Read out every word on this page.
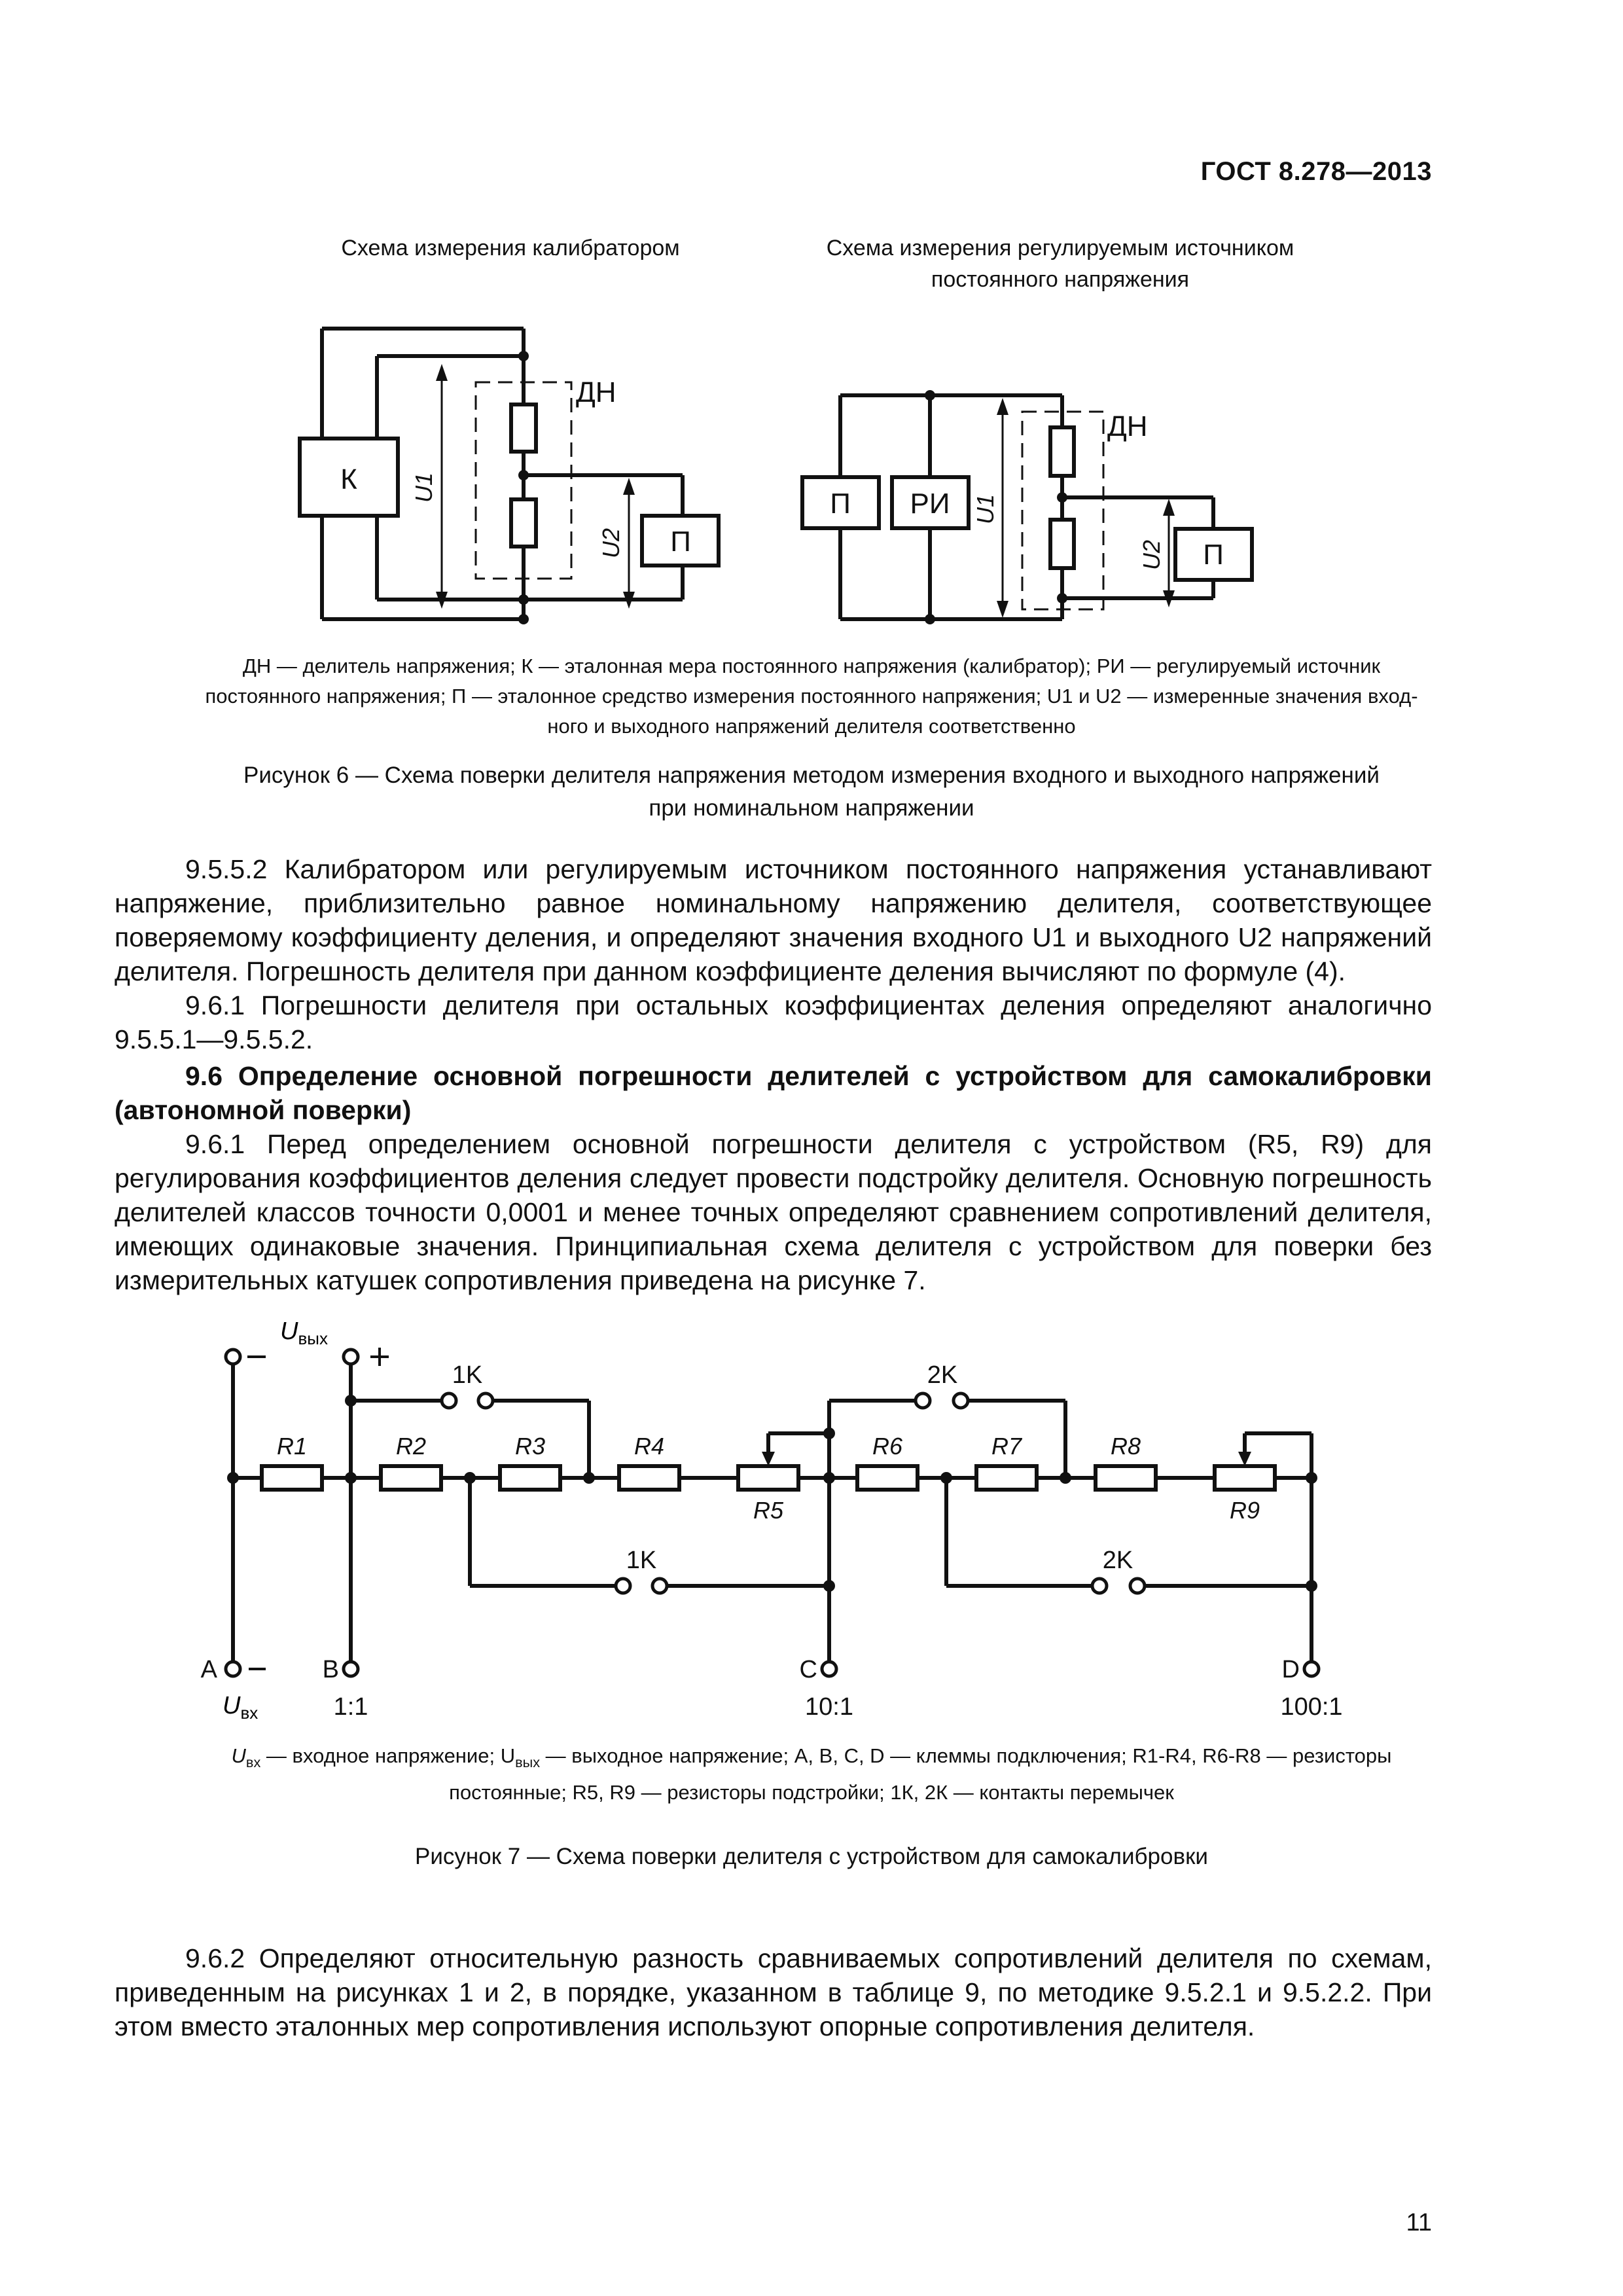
ГОСТ 8.278—2013
Схема измерения калибратором	Схема измерения регулируемым источником
постоянного напряжения
К
П
ДН
U1
U2
П РИ
П
ДН
U1
U2
ДН — делитель напряжения; К — эталонная мера постоянного напряжения (калибратор); РИ — регулируемый источник
постоянного напряжения; П — эталонное средство измерения постоянного напряжения; U1 и U2 — измеренные значения вход-
ного и выходного напряжений делителя соответственно
Рисунок 6 — Схема поверки делителя напряжения методом измерения входного и выходного напряжений
при номинальном напряжении

9.5.5.2 Калибратором или регулируемым источником постоянного напряжения устанавливают напряжение, приблизительно равное номинальному напряжению делителя, соответствующее поверяемому коэффициенту деления, и определяют значения входного U1 и выходного U2 напряжений делителя. Погрешность делителя при данном коэффициенте деления вычисляют по формуле (4).

9.6.1 Погрешности делителя при остальных коэффициентах деления определяют аналогично 9.5.5.1—9.5.5.2.

9.6 Определение основной погрешности делителей с устройством для самокалибровки (автономной поверки)

9.6.1 Перед определением основной погрешности делителя с устройством (R5, R9) для регулирования коэффициентов деления следует провести подстройку делителя. Основную погрешность делителей классов точности 0,0001 и менее точных определяют сравнением сопротивлений делителя, имеющих одинаковые значения. Принципиальная схема делителя с устройством для поверки без измерительных катушек сопротивления приведена на рисунке 7.

R1	R2	R3	R4
R5
R6	R7	R8
R9
1K	2K
1K	2K
A	B	C	D
1:1	10:1	100:1
$U_{вых}$
$U_{вх}$
$U_{вх}$ — входное напряжение; $U_{вых}$ — выходное напряжение; A, B, C, D — клеммы подключения; R1-R4, R6-R8 — резисторы
постоянные; R5, R9 — резисторы подстройки; 1К, 2К — контакты перемычек
Рисунок 7 — Схема поверки делителя с устройством для самокалибровки

9.6.2 Определяют относительную разность сравниваемых сопротивлений делителя по схемам, приведенным на рисунках 1 и 2, в порядке, указанном в таблице 9, по методике 9.5.2.1 и 9.5.2.2. При этом вместо эталонных мер сопротивления используют опорные сопротивления делителя.

11
